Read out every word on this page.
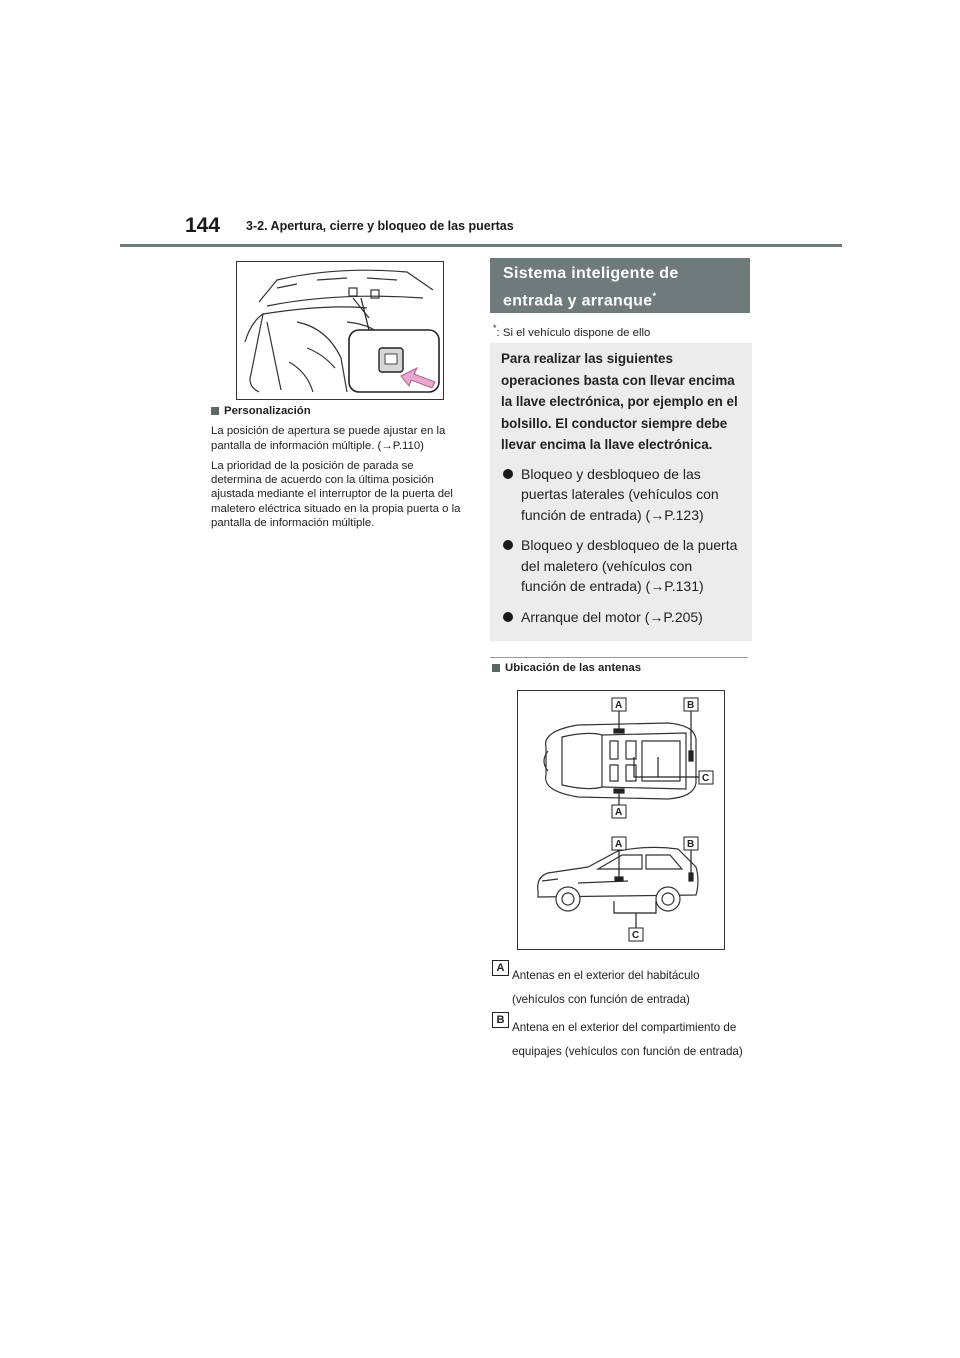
144 3-2. Apertura, cierre y bloqueo de las puertas
Personalización

La posición de apertura se puede ajustar en la pantalla de información múltiple. (→P.110)

La prioridad de la posición de parada se determina de acuerdo con la última posición ajustada mediante el interruptor de la puerta del maletero eléctrica situado en la propia puerta o la pantalla de información múltiple.

Sistema inteligente de
entrada y arranque*
*: Si el vehículo dispone de ello
Para realizar las siguientes operaciones basta con llevar encima la llave electrónica, por ejemplo en el bolsillo. El conductor siempre debe llevar encima la llave electrónica.
Bloqueo y desbloqueo de las puertas laterales (vehículos con función de entrada) (→P.123)
Bloqueo y desbloqueo de la puerta del maletero (vehículos con función de entrada) (→P.131)
Arranque del motor (→P.205)
Ubicación de las antenas
A	B
C
A
A	B
C
A
Antenas en el exterior del habitáculo (vehículos con función de entrada)
B
Antena en el exterior del compartimiento de equipajes (vehículos con función de entrada)
